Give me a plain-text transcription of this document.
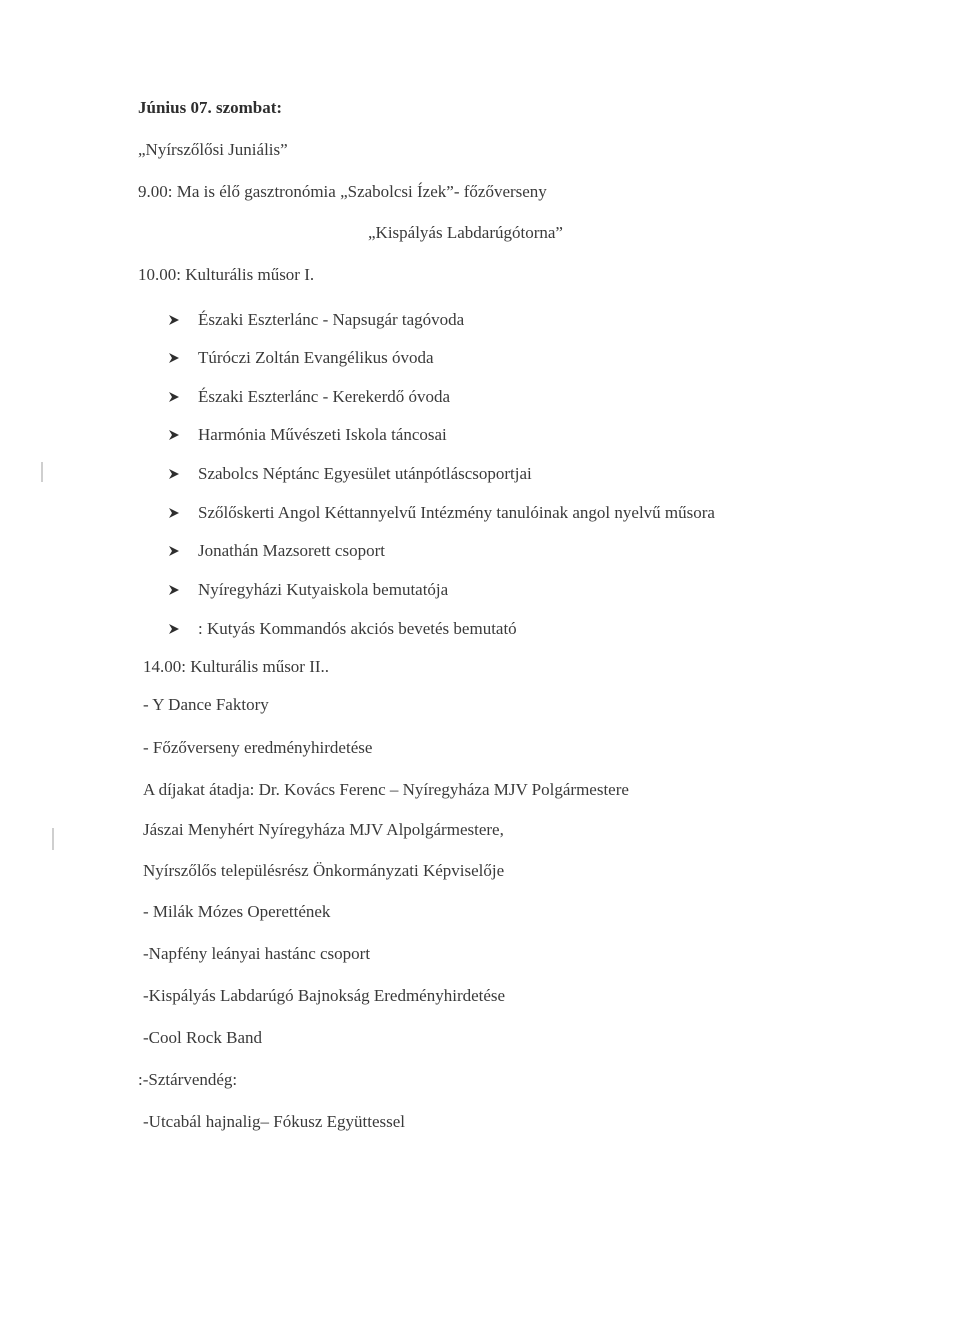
Június 07. szombat:
„Nyírszőlősi Juniális”
9.00: Ma is élő gasztronómia „Szabolcsi Ízek”- főzőverseny
„Kispályás Labdarúgótorna”
10.00: Kulturális műsor I.
Északi Eszterlánc - Napsugár tagóvoda
Túróczi Zoltán Evangélikus óvoda
Északi Eszterlánc - Kerekerdő óvoda
Harmónia Művészeti Iskola táncosai
Szabolcs Néptánc Egyesület utánpótláscsoportjai
Szőlőskerti Angol Kéttannyelvű Intézmény tanulóinak angol nyelvű műsora
Jonathán Mazsorett csoport
Nyíregyházi Kutyaiskola bemutatója
: Kutyás Kommandós akciós bevetés bemutató
14.00: Kulturális műsor II..
- Y Dance Faktory
- Főzőverseny eredményhirdetése
A díjakat átadja: Dr. Kovács Ferenc – Nyíregyháza MJV Polgármestere
Jászai Menyhért Nyíregyháza MJV Alpolgármestere,
Nyírszőlős településrész Önkormányzati Képviselője
- Milák Mózes Operettének
-Napfény leányai hastánc csoport
-Kispályás Labdarúgó Bajnokság Eredményhirdetése
-Cool Rock Band
:-Sztárvendég:
-Utcabál hajnalig– Fókusz Együttessel
